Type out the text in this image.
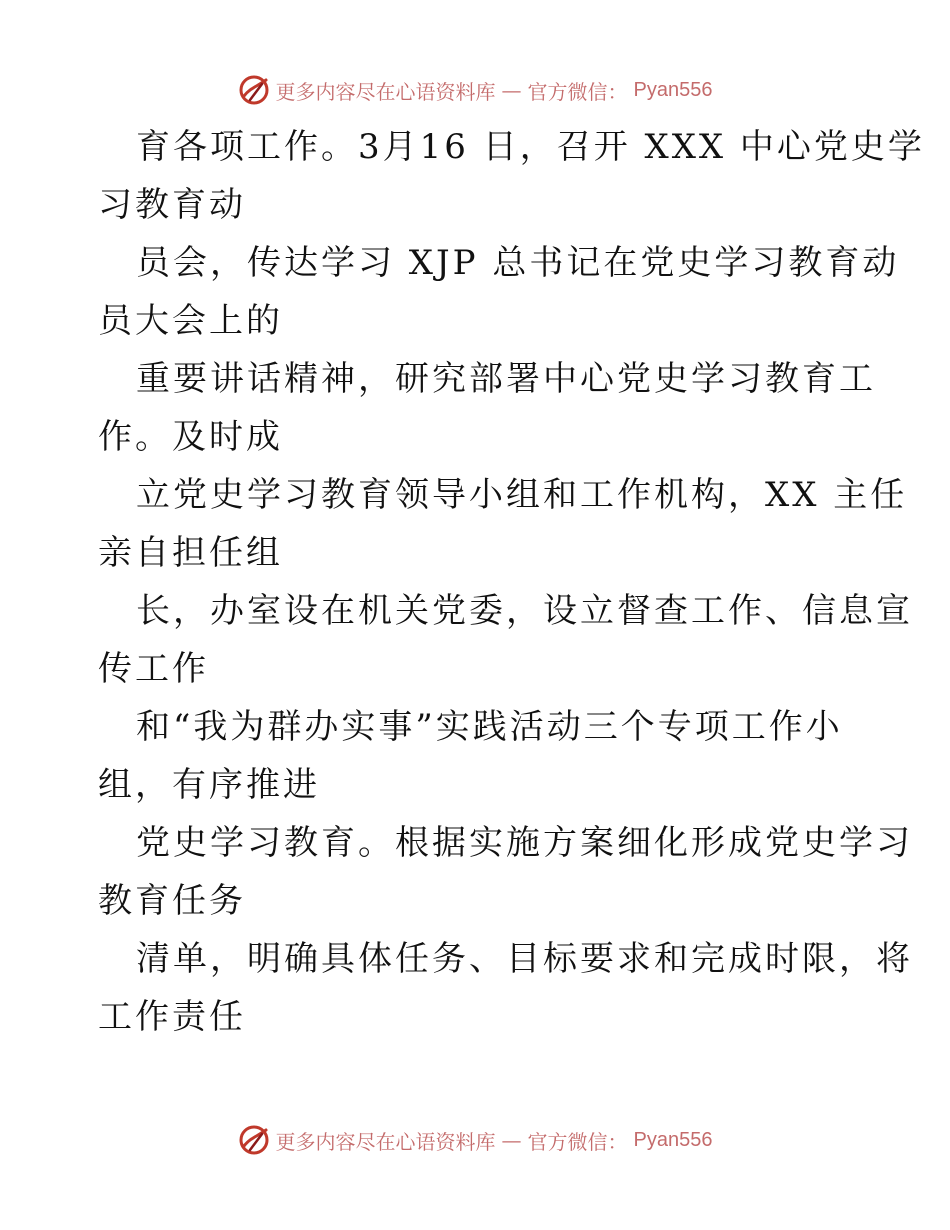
更多内容尽在心语资料库 — 官方微信： Pyan556
育各项工作。3月16 日，召开 XXX 中心党史学
习教育动
员会，传达学习 XJP 总书记在党史学习教育动
员大会上的
重要讲话精神，研究部署中心党史学习教育工
作。及时成
立党史学习教育领导小组和工作机构，XX 主任
亲自担任组
长，办室设在机关党委，设立督查工作、信息宣
传工作
和“我为群办实事”实践活动三个专项工作小
组，有序推进
党史学习教育。根据实施方案细化形成党史学习
教育任务
清单，明确具体任务、目标要求和完成时限，将
工作责任
更多内容尽在心语资料库 — 官方微信： Pyan556
